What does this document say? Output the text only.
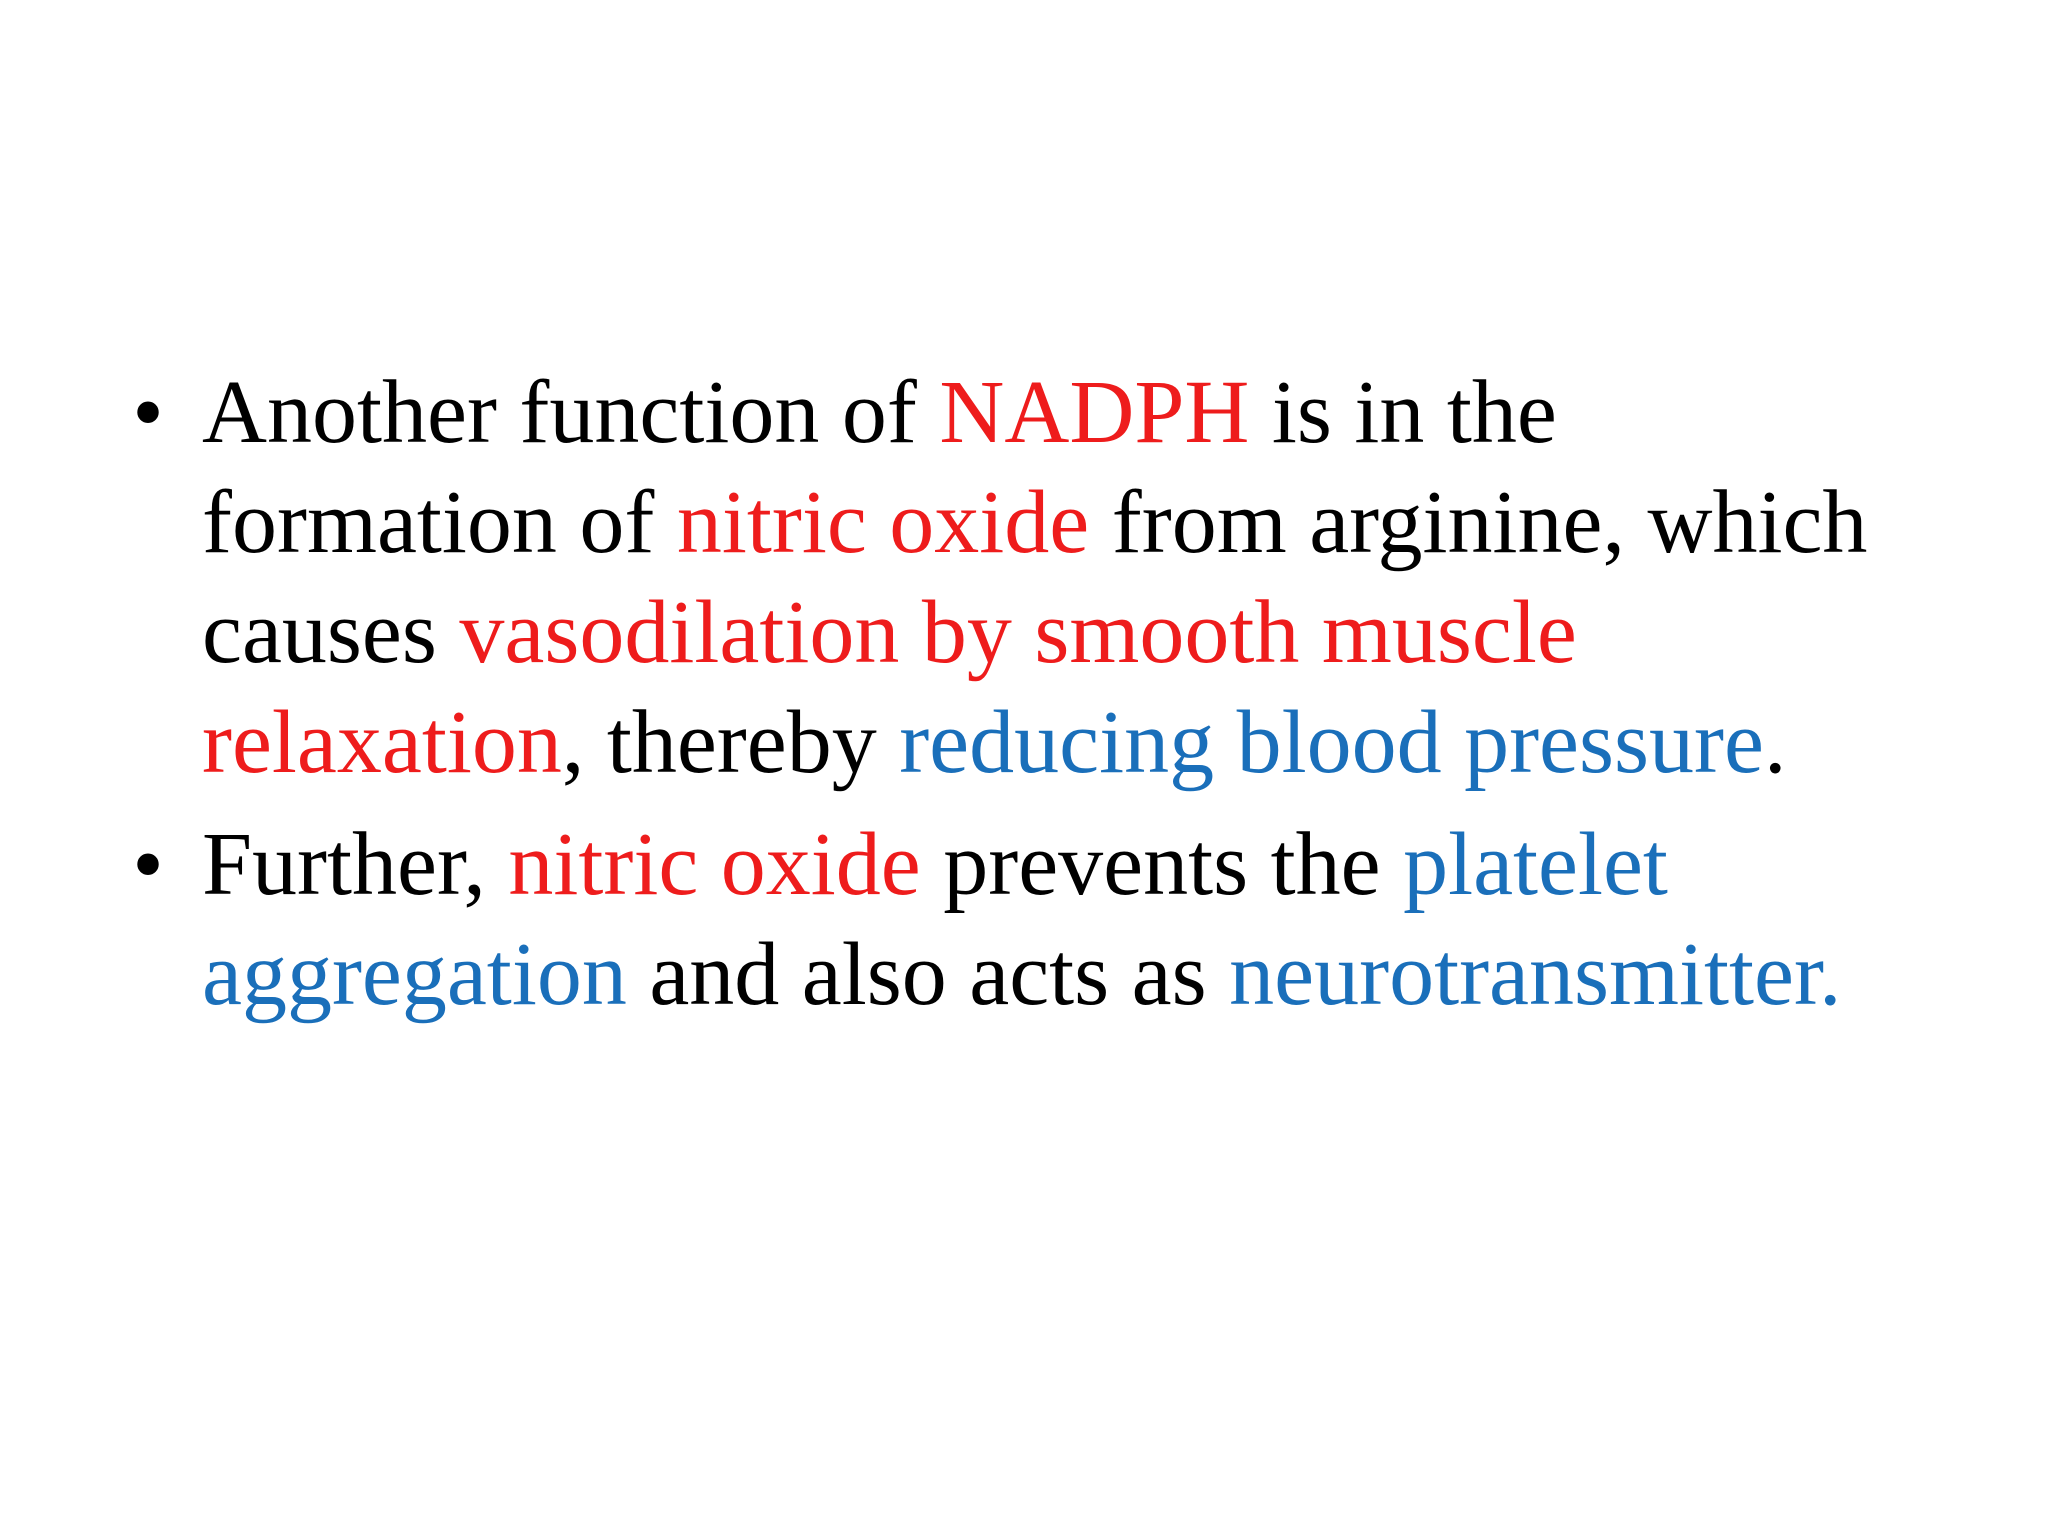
• Another function of NADPH is in the
formation of nitric oxide from arginine, which
causes vasodilation by smooth muscle
relaxation, thereby reducing blood pressure.
• Further, nitric oxide prevents the platelet
aggregation and also acts as neurotransmitter.
